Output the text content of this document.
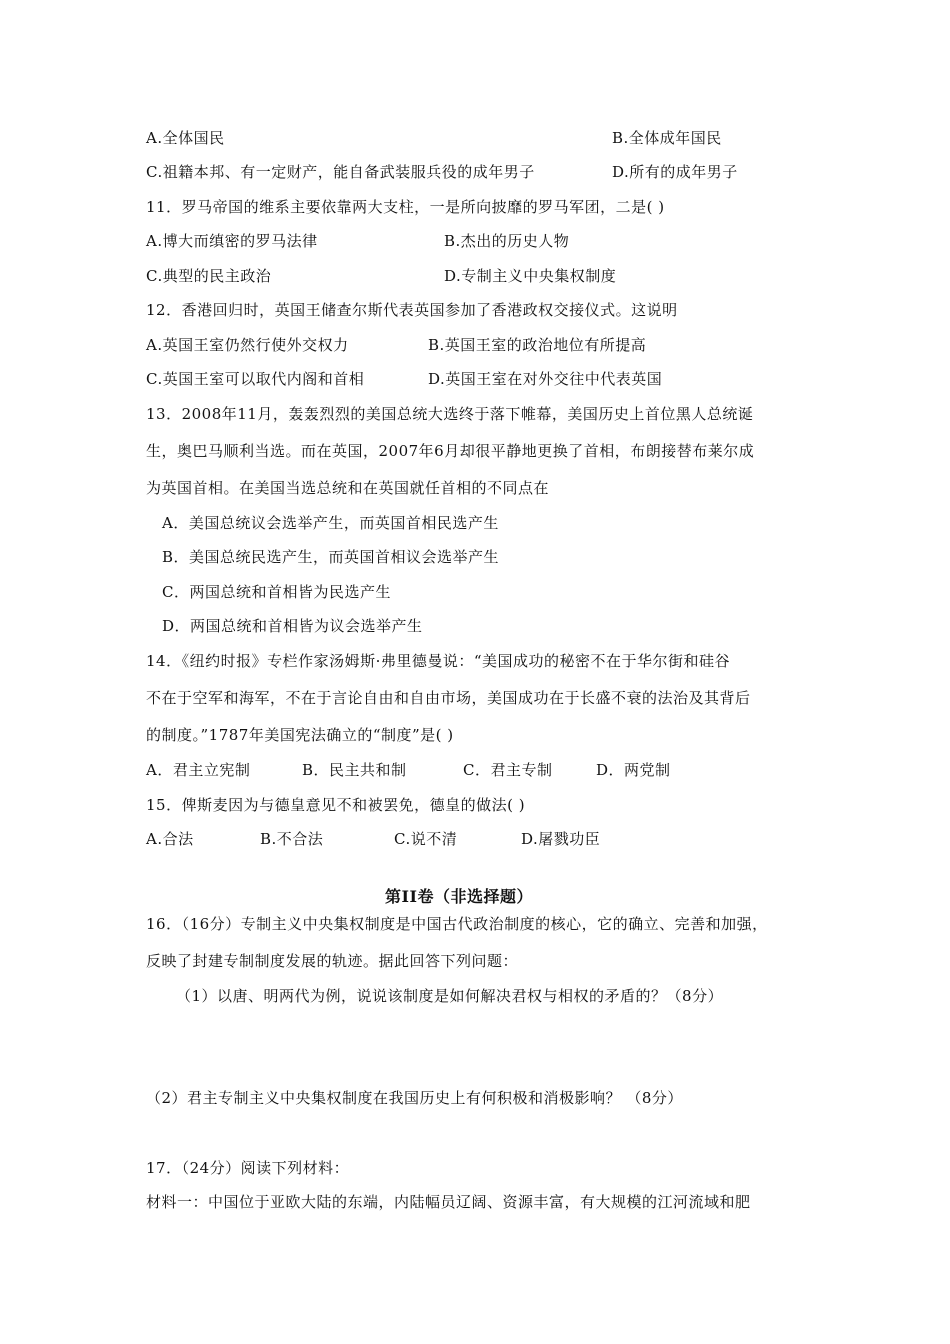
A.全体国民	B.全体成年国民
C.祖籍本邦、有一定财产，能自备武装服兵役的成年男子	D.所有的成年男子
11．罗马帝国的维系主要依靠两大支柱，一是所向披靡的罗马军团，二是( )
A.博大而缜密的罗马法律	B.杰出的历史人物
C.典型的民主政治	D.专制主义中央集权制度
12．香港回归时，英国王储查尔斯代表英国参加了香港政权交接仪式。这说明
A.英国王室仍然行使外交权力	B.英国王室的政治地位有所提高
C.英国王室可以取代内阁和首相	D.英国王室在对外交往中代表英国
13．2008年11月，轰轰烈烈的美国总统大选终于落下帷幕，美国历史上首位黑人总统诞
生，奥巴马顺利当选。而在英国，2007年6月却很平静地更换了首相，布朗接替布莱尔成
为英国首相。在美国当选总统和在英国就任首相的不同点在
A．美国总统议会选举产生，而英国首相民选产生
B．美国总统民选产生，而英国首相议会选举产生
C．两国总统和首相皆为民选产生
D．两国总统和首相皆为议会选举产生
14．《纽约时报》专栏作家汤姆斯·弗里德曼说：“美国成功的秘密不在于华尔街和硅谷
不在于空军和海军，不在于言论自由和自由市场，美国成功在于长盛不衰的法治及其背后
的制度。”1787年美国宪法确立的“制度”是( )
A．君主立宪制	B．民主共和制	C．君主专制	D．两党制
15．俾斯麦因为与德皇意见不和被罢免，德皇的做法( )
A.合法	B.不合法	C.说不清	D.屠戮功臣
第II卷（非选择题）
16．（16分）专制主义中央集权制度是中国古代政治制度的核心，它的确立、完善和加强，
反映了封建专制制度发展的轨迹。据此回答下列问题：
（1）以唐、明两代为例，说说该制度是如何解决君权与相权的矛盾的？（8分）
（2）君主专制主义中央集权制度在我国历史上有何积极和消极影响？ （8分）
17．（24分）阅读下列材料：
材料一：中国位于亚欧大陆的东端，内陆幅员辽阔、资源丰富，有大规模的江河流域和肥
